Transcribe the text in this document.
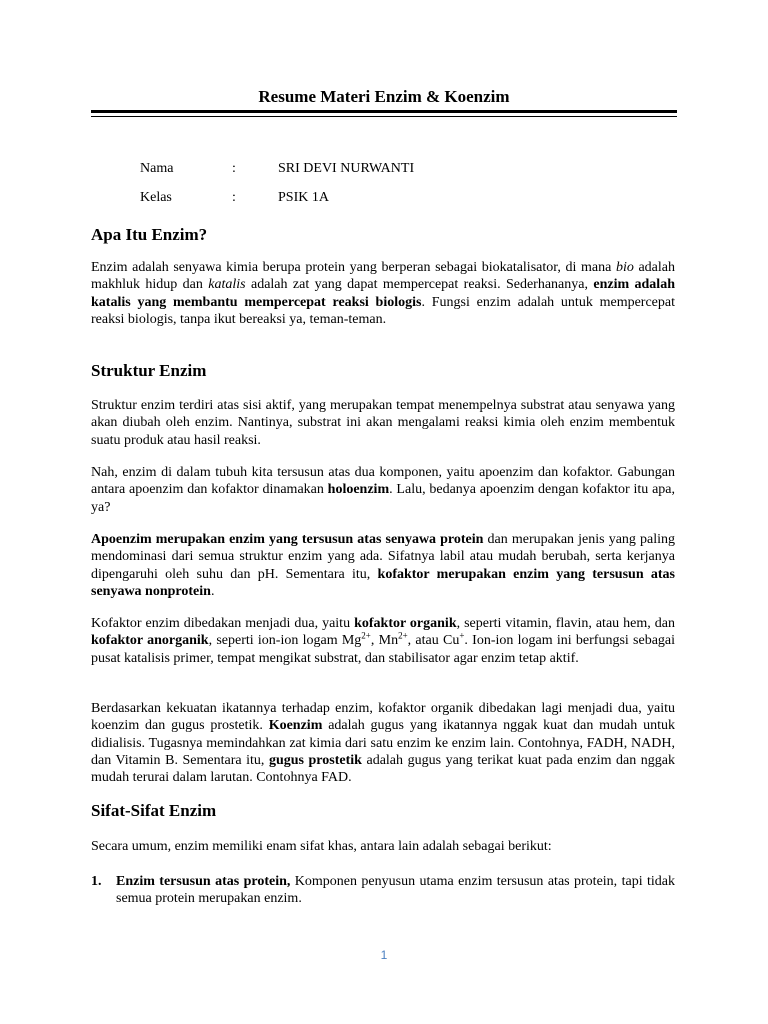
Resume Materi Enzim & Koenzim
Nama	:	SRI DEVI NURWANTI
Kelas	:	PSIK 1A
Apa Itu Enzim?

Enzim adalah senyawa kimia berupa protein yang berperan sebagai biokatalisator, di mana bio adalah makhluk hidup dan katalis adalah zat yang dapat mempercepat reaksi. Sederhananya, enzim adalah katalis yang membantu mempercepat reaksi biologis. Fungsi enzim adalah untuk mempercepat reaksi biologis, tanpa ikut bereaksi ya, teman-teman.

Struktur Enzim

Struktur enzim terdiri atas sisi aktif, yang merupakan tempat menempelnya substrat atau senyawa yang akan diubah oleh enzim. Nantinya, substrat ini akan mengalami reaksi kimia oleh enzim membentuk suatu produk atau hasil reaksi.

Nah, enzim di dalam tubuh kita tersusun atas dua komponen, yaitu apoenzim dan kofaktor. Gabungan antara apoenzim dan kofaktor dinamakan holoenzim. Lalu, bedanya apoenzim dengan kofaktor itu apa, ya?

Apoenzim merupakan enzim yang tersusun atas senyawa protein dan merupakan jenis yang paling mendominasi dari semua struktur enzim yang ada. Sifatnya labil atau mudah berubah, serta kerjanya dipengaruhi oleh suhu dan pH. Sementara itu, kofaktor merupakan enzim yang tersusun atas senyawa nonprotein.

Kofaktor enzim dibedakan menjadi dua, yaitu kofaktor organik, seperti vitamin, flavin, atau hem, dan kofaktor anorganik, seperti ion-ion logam $Mg^{2+}$, $Mn^{2+}$, atau Cu+. Ion-ion logam ini berfungsi sebagai pusat katalisis primer, tempat mengikat substrat, dan stabilisator agar enzim tetap aktif.

Berdasarkan kekuatan ikatannya terhadap enzim, kofaktor organik dibedakan lagi menjadi dua, yaitu koenzim dan gugus prostetik. Koenzim adalah gugus yang ikatannya nggak kuat dan mudah untuk didialisis. Tugasnya memindahkan zat kimia dari satu enzim ke enzim lain. Contohnya, FADH, NADH, dan Vitamin B. Sementara itu, gugus prostetik adalah gugus yang terikat kuat pada enzim dan nggak mudah terurai dalam larutan. Contohnya FAD.

Sifat-Sifat Enzim

Secara umum, enzim memiliki enam sifat khas, antara lain adalah sebagai berikut:

1. Enzim tersusun atas protein, Komponen penyusun utama enzim tersusun atas protein, tapi tidak semua protein merupakan enzim.
1
